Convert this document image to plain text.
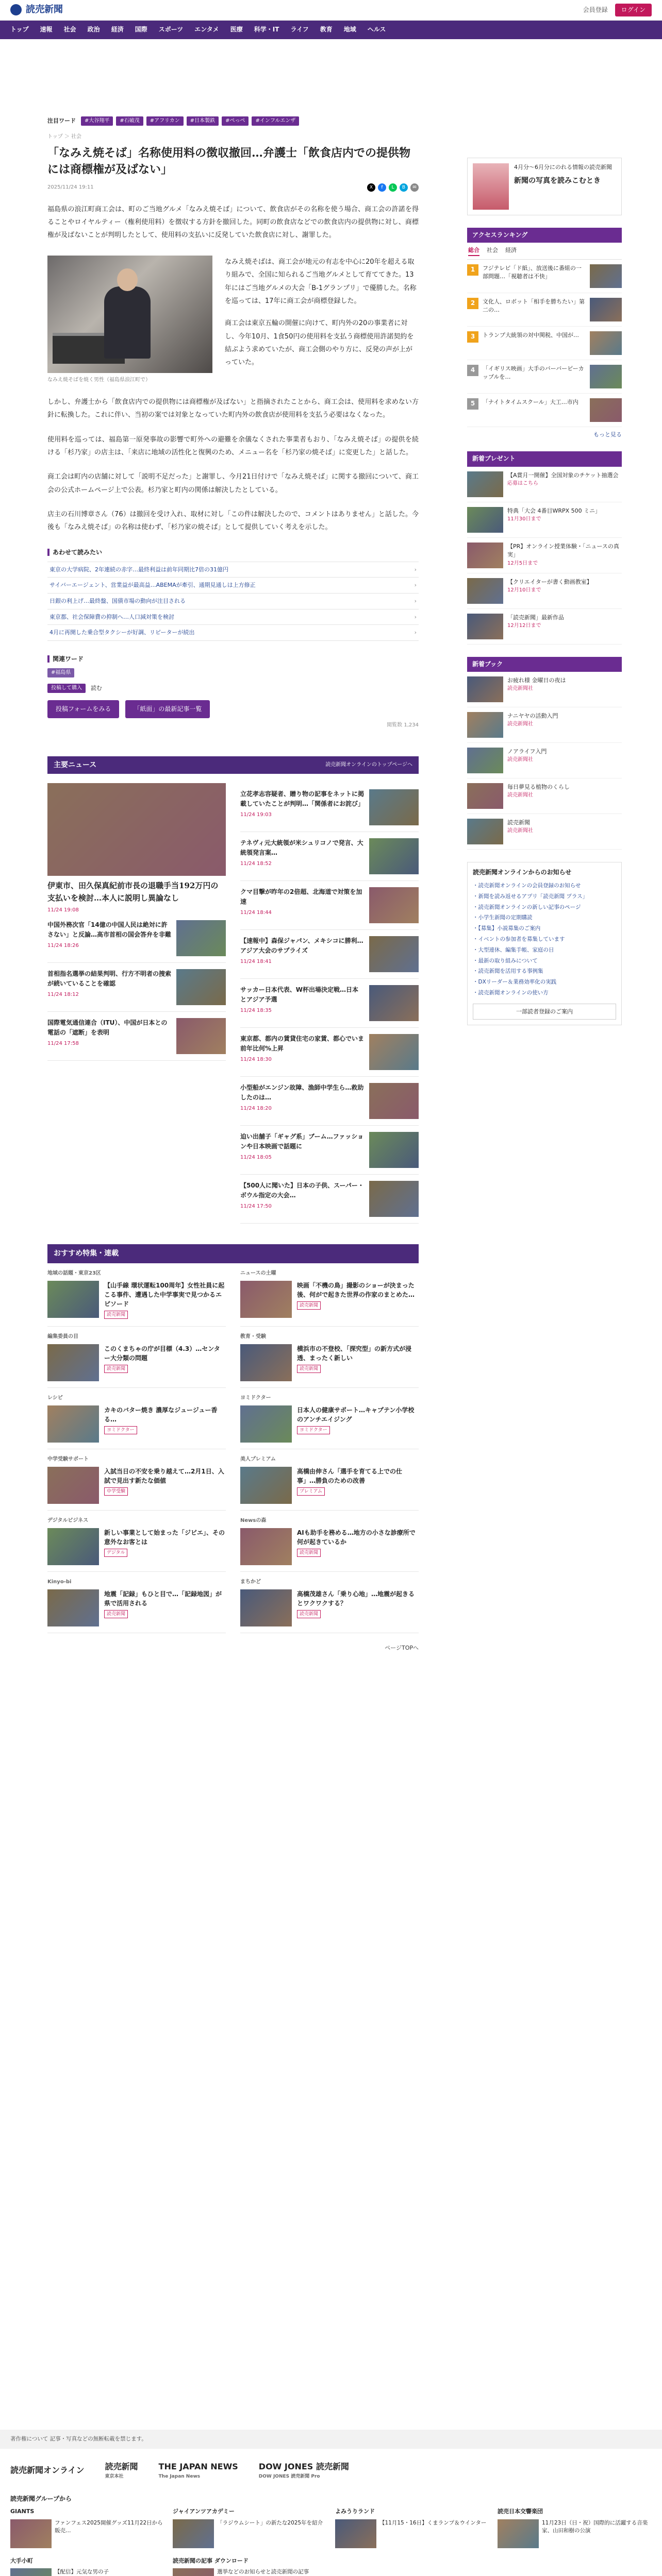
読売新聞	会員登録	ログイン
トップ 速報 社会 政治 経済 国際 スポーツ エンタメ 医療 科学・IT ライフ 教育 地域 ヘルス
注目ワード	#大谷翔平	#石破茂	#アフリカン	#日本製鉄	#ぺっぺ	#インフルエンザ
トップ ＞ 社会
「なみえ焼そば」名称使用料の徴収撤回…弁護士「飲食店内での提供物には商標権が及ばない」
2025/11/24 19:11	X	f	L	B	✉

福島県の浪江町商工会は、町のご当地グルメ「なみえ焼そば」について、飲食店がその名称を使う場合、商工会の許諾を得ることやロイヤルティー（権利使用料）を徴収する方針を撤回した。同町の飲食店などでの飲食店内の提供物に対し、商標権が及ばないことが判明したとして、使用料の支払いに反発していた飲食店に対し、謝罪した。

なみえ焼そばを焼く男性（福島県浪江町で）

なみえ焼そばは、商工会が地元の有志を中心に20年を超える取り組みで、全国に知られるご当地グルメとして育ててきた。13年にはご当地グルメの大会「B-1グランプリ」で優勝した。名称を巡っては、17年に商工会が商標登録した。

商工会は東京五輪の開催に向けて、町内外の20の事業者に対し、今年10月、1食50円の使用料を支払う商標使用許諾契約を結ぶよう求めていたが、商工会側のやり方に、反発の声が上がっていた。

しかし、弁護士から「飲食店内での提供物には商標権が及ばない」と指摘されたことから、商工会は、使用料を求めない方針に転換した。これに伴い、当初の案では対象となっていた町内外の飲食店が使用料を支払う必要はなくなった。

使用料を巡っては、福島第一原発事故の影響で町外への避難を余儀なくされた事業者もおり、「なみえ焼そば」の提供を続ける「杉乃家」の店主は、「来店に地域の活性化と復興のため、メニュー名を「杉乃家の焼そば」に変更した」と話した。

商工会は町内の店舗に対して「説明不足だった」と謝罪し、今月21日付けで「なみえ焼そば」に関する撤回について、商工会の公式ホームページ上で公表。杉乃家と町内の関係は解決したとしている。

店主の石川博章さん（76）は撤回を受け入れ、取材に対し「この件は解決したので、コメントはありません」と話した。今後も「なみえ焼そば」の名称は使わず、「杉乃家の焼そば」として提供していく考えを示した。

あわせて読みたい
東京の大学病院、2年連続の赤字…最終利益は前年同期比7倍の31億円	›
サイバーエージェント、営業益が最高益…ABEMAが牽引、通期見通しは上方修正	›
日銀の利上げ…最終盤、国債市場の動向が注目される	›
東京都、社会保障費の抑制へ…人口減対策を検討	›
4月に再開した乗合型タクシーが好調、リピーターが続出	›
関連ワード
#福島県
投稿して購入	読む
投稿フォームをみる	「紙面」の最新記事一覧
閲覧数 1,234
主要ニュース	読売新聞オンラインのトップページへ
伊東市、田久保真紀前市長の退職手当192万円の支払いを検討…本人に説明し異論なし
11/24 19:08
中国外務次官「14億の中国人民は絶対に許さない」と反論…高市首相の国会答弁を非難
11/24 18:26
首相指名選挙の結果判明、行方不明者の捜索が続いていることを確認
11/24 18:12
国際電気通信連合（ITU）、中国が日本との電話の「遮断」を表明
11/24 17:58
立花孝志容疑者、贈り物の記事をネットに掲載していたことが判明…「関係者にお詫び」
11/24 19:03
テネヴィ元大統領が米シュリコノで発言、大統領発言案…
11/24 18:52
クマ目撃が昨年の2倍超、北海道で対策を加速
11/24 18:44
【速報中】森保ジャパン、メキシコに勝利…アジア大会のサプライズ
11/24 18:41
サッカー日本代表、W杯出場決定戦…日本とアジア予選
11/24 18:35
東京都、都内の賃貸住宅の家賃、都心でいま前年比何%上昇
11/24 18:30
小型船がエンジン故障、漁師中学生ら…救助したのは…
11/24 18:20
迫い出舗子「ギャグ系」ブーム…ファッションや日本映画で話題に
11/24 18:05
【500人に聞いた】日本の子供、スーパー・ボウル指定の大会…
11/24 17:50
おすすめ特集・連載
地域の話題・東京23区
【山手線 環状運転100周年】女性社員に起こる事件、遭遇した中学事実で見つかるエピソード
読売新聞
ニュースの土曜
映画「不機の鳥」撮影のショーが決まった後、何がで起きた世界の作家のまとめた…
読売新聞
編集委員の目
このくまちゃの庁が目標（4.3）…センター大分類の問題
読売新聞
教育・受験
横浜市の不登校、「探究型」の新方式が浸透、まったく新しい
読売新聞
レシピ
カキのバター焼き 濃厚なジュージュー香る…
ヨミドクター
ヨミドクター
日本人の健康サポート…キャプテン小学校のアンチエイジング
ヨミドクター
中学受験サポート
入試当日の不安を乗り越えて…2月1日、入試で見出す新たな価値
中学受験
美人プレミアム
高橋由伸さん「選手を育てる上での仕事」…勝負のための改善
プレミアム
デジタルビジネス
新しい事業として始まった「ジビエ」、その意外なお客とは
デジタル
Newsの森
AIも助手を務める…地方の小さな診療所で何が起きているか
読売新聞
Kinyo-bi
地震「記録」もひと目で…「記録地図」が県で活用される
読売新聞
まちかど
高橋茂雄さん「乗り心地」…地震が起きるとワクワクする？
読売新聞
ページTOPへ
4月分～6月分にのれる情報の読売新聞
新聞の写真を読みこむとき
アクセスランキング
総合 社会 経済
1	フジテレビ「ド紙」、放送後に番組の一部問題…「視聴者は不快」
2	文化人、ロボット「相手を勝ちたい」第二の…
3	トランプ大統領の対中関税、中国が…
4	「イギリス映画」大手のバーバーピーカップルを…
5	「ナイトタイムスクール」大工…市内
もっと見る
新着プレゼント
【A賞月一開催】全国対象のチケット抽選会
応募はこちら
特典「大会 4番目WRPX 500 ミニ」
11月30日まで
【PR】オンライン授業体験・「ニュースの真実」
12月5日まで
【クリエイターが書く動画教室】
12月10日まで
「読売新聞」最新作品
12月12日まで
新着ブック
お疲れ様 金曜日の夜は
読売新聞社
ナニヤヤの活動入門
読売新聞社
ノアライフ入門
読売新聞社
毎日夢見る植物のくらし
読売新聞社
読売新聞
読売新聞社
読売新聞オンラインからのお知らせ
・読売新聞オンラインの会員登録のお知らせ
・新聞を読み返せるアプリ「読売新聞 プラス」
・読売新聞オンラインの新しい記事のページ
・小学生新聞の定期購読
・【募集】小説募集のご案内
・イベントの参加者を募集しています
・大型連休、編集手帳、家庭の日
・最新の取り組みについて
・読売新聞を活用する事例集
・DXリーダー＆業務効率化の実践
・読売新聞オンラインの使い方
一部読者登録のご案内
著作権について 記事・写真などの無断転載を禁じます。
読売新聞オンライン	読売新聞
東京本社
THE JAPAN NEWS
The Japan News
DOW JONES 読売新聞
DOW JONES 読売新聞 Pro
読売新聞グループから
GIANTS
ファンフェス2025開催グッズ11月22日から販売…
ジャイアンツアカデミー
「ラジウムシート」の新たな2025年を紹介
よみうりランド
【11月15・16日】くまランプ＆ウインター
読売日本交響楽団
11月23日（日・祝）国際的に活躍する音楽家、山田和樹の公演
大手小町
【配信】元気な男の子
読売新聞の記事 ダウンロード
選挙などのお知らせと読売新聞の記事
